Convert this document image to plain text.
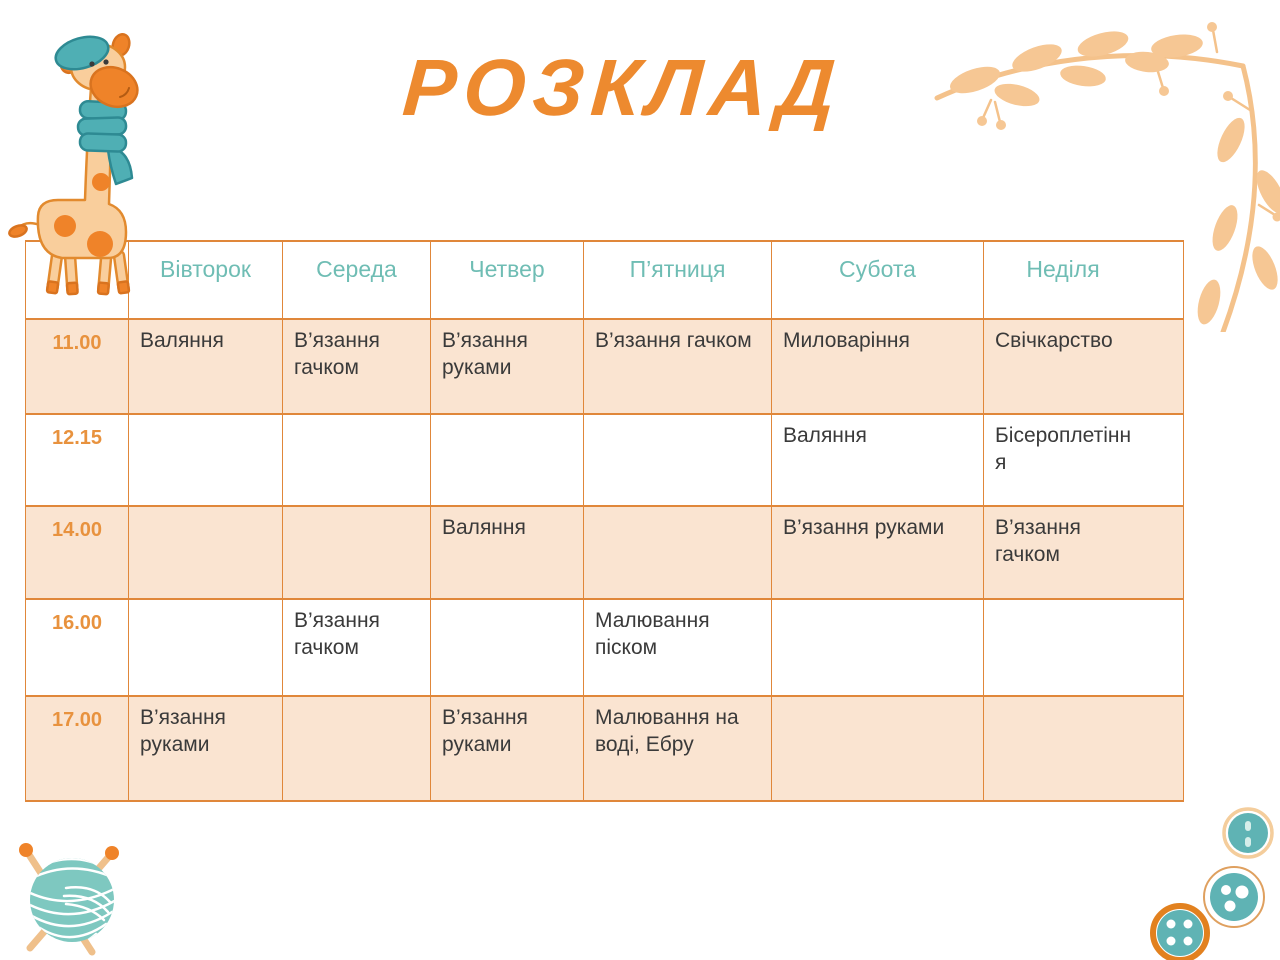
РОЗКЛАД
	Вівторок	Середа	Четвер	П’ятниця	Субота	Неділя
11.00	Валяння	В’язання гачком	В’язання руками	В’язання гачком	Миловаріння	Свічкарство
12.15					Валяння	Бісероплетіння
14.00			Валяння		В’язання руками	В’язання гачком
16.00		В’язання гачком		Малювання піском		
17.00	В’язання руками		В’язання руками	Малювання на воді, Ебру		
